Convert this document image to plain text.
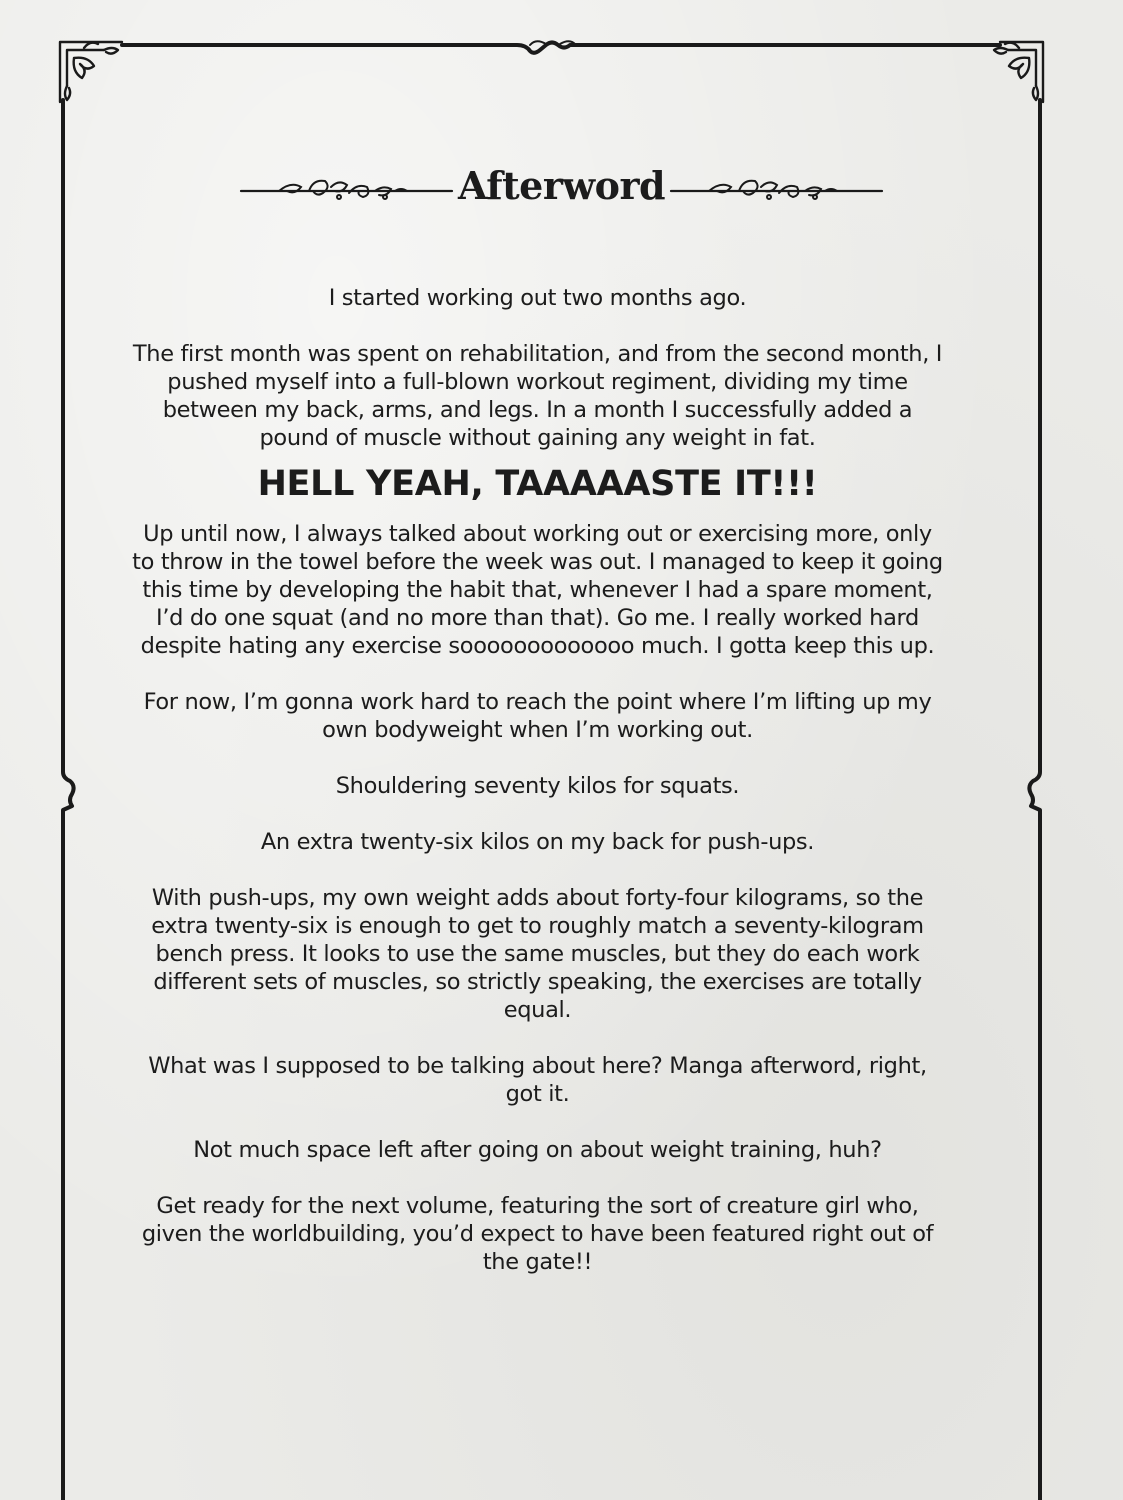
Afterword

I started working out two months ago.

The first month was spent on rehabilitation, and from the second month, I pushed myself into a full-blown workout regiment, dividing my time between my back, arms, and legs. In a month I successfully added a pound of muscle without gaining any weight in fat.

HELL YEAH, TAAAAASTE IT!!!

Up until now, I always talked about working out or exercising more, only to throw in the towel before the week was out. I managed to keep it going this time by developing the habit that, whenever I had a spare moment, I’d do one squat (and no more than that). Go me. I really worked hard despite hating any exercise sooooooooooooo much. I gotta keep this up.

For now, I’m gonna work hard to reach the point where I’m lifting up my own bodyweight when I’m working out.

Shouldering seventy kilos for squats.

An extra twenty-six kilos on my back for push-ups.

With push-ups, my own weight adds about forty-four kilograms, so the extra twenty-six is enough to get to roughly match a seventy-kilogram bench press. It looks to use the same muscles, but they do each work different sets of muscles, so strictly speaking, the exercises are totally equal.

What was I supposed to be talking about here? Manga afterword, right, got it.

Not much space left after going on about weight training, huh?

Get ready for the next volume, featuring the sort of creature girl who, given the worldbuilding, you’d expect to have been featured right out of the gate!!
